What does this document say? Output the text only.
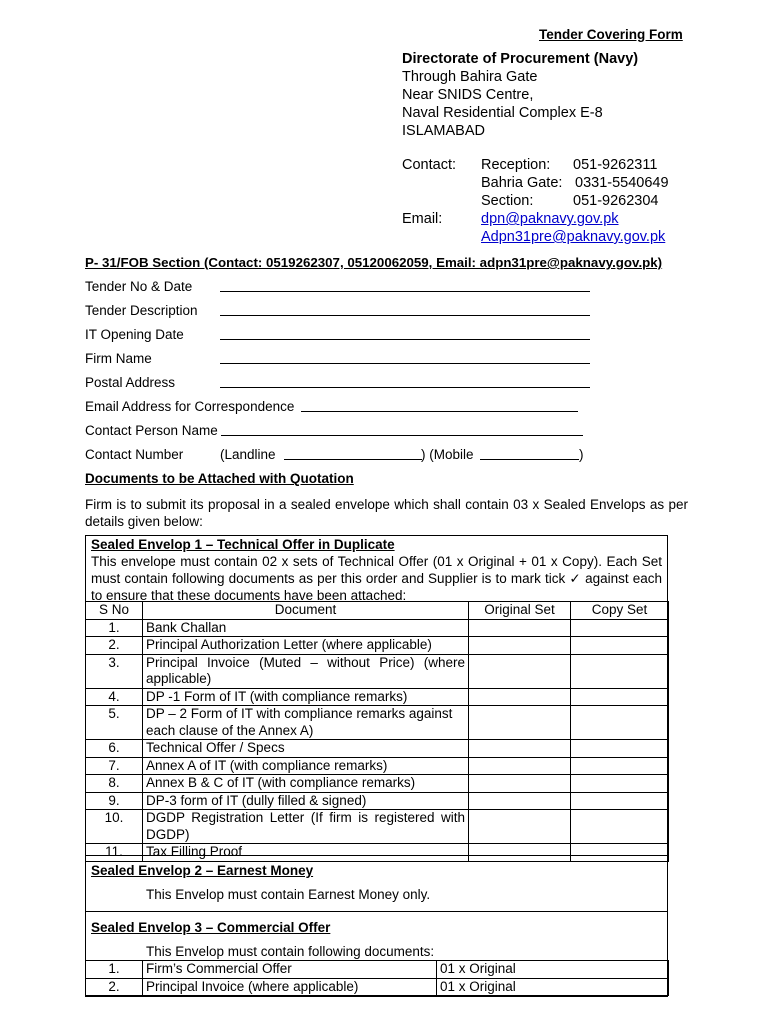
Tender Covering Form
Directorate of Procurement (Navy)
Through Bahira Gate
Near SNIDS Centre,
Naval Residential Complex E-8
ISLAMABAD
Contact: Reception: 051-9262311
Bahria Gate: 0331-5540649
Section:	051-9262304
Email:	dpn@paknavy.gov.pk
Adpn31pre@paknavy.gov.pk
P- 31/FOB Section (Contact: 0519262307, 05120062059, Email: adpn31pre@paknavy.gov.pk)
Tender No & Date
Tender Description
IT Opening Date
Firm Name
Postal Address
Email Address for Correspondence
Contact Person Name
Contact Number	(Landline	) (Mobile	)
Documents to be Attached with Quotation
Firm is to submit its proposal in a sealed envelope which shall contain 03 x Sealed Envelops as per details given below:
Sealed Envelop 1 – Technical Offer in Duplicate
This envelope must contain 02 x sets of Technical Offer (01 x Original + 01 x Copy). Each Set must contain following documents as per this order and Supplier is to mark tick ✓ against each to ensure that these documents have been attached:
S No	Document	Original Set	Copy Set
1.	Bank Challan		
2.	Principal Authorization Letter (where applicable)		
3.	Principal Invoice (Muted – without Price) (where applicable)		
4.	DP -1 Form of IT (with compliance remarks)		
5.	DP – 2 Form of IT with compliance remarks against each clause of the Annex A)		
6.	Technical Offer / Specs		
7.	Annex A of IT (with compliance remarks)		
8.	Annex B & C of IT (with compliance remarks)		
9.	DP-3 form of IT (dully filled & signed)		
10.	DGDP Registration Letter (If firm is registered with DGDP)		
11.	Tax Filling Proof		
Sealed Envelop 2 – Earnest Money
This Envelop must contain Earnest Money only.
Sealed Envelop 3 – Commercial Offer
This Envelop must contain following documents:
1.	Firm’s Commercial Offer	01 x Original
2.	Principal Invoice (where applicable)	01 x Original
